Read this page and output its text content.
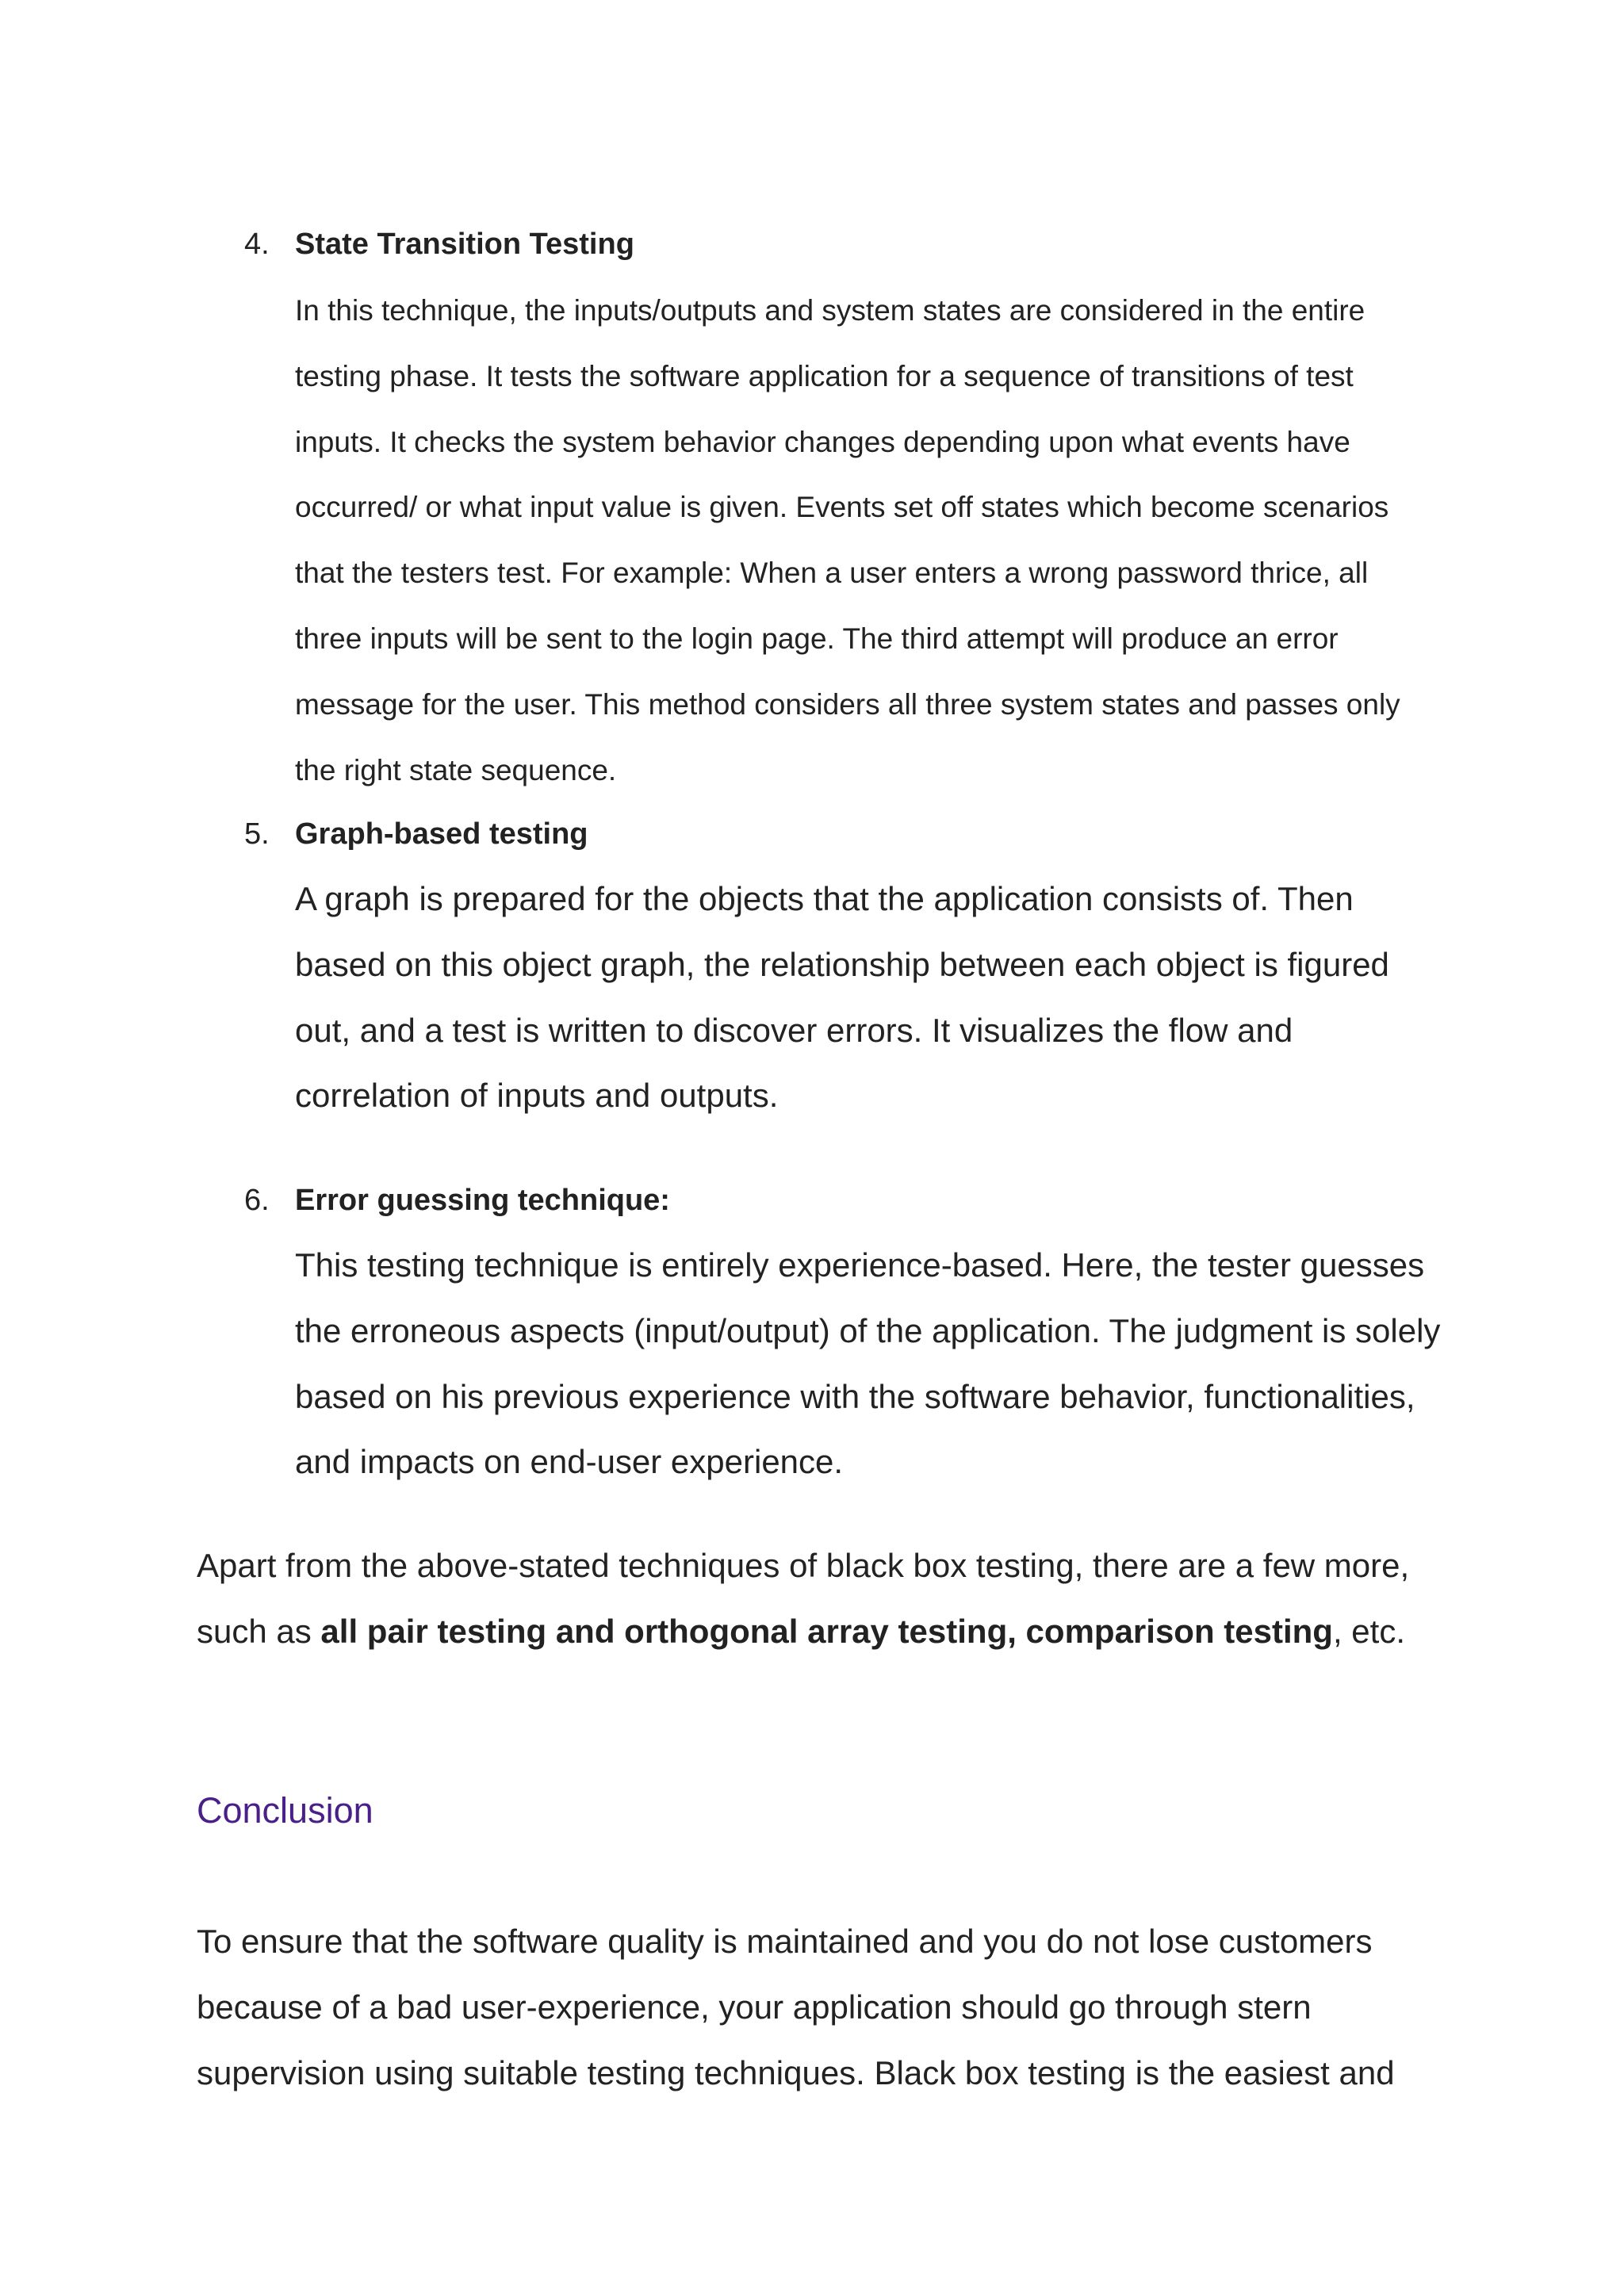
4. State Transition Testing

In this technique, the inputs/outputs and system states are considered in the entire

testing phase. It tests the software application for a sequence of transitions of test

inputs. It checks the system behavior changes depending upon what events have

occurred/ or what input value is given. Events set off states which become scenarios

that the testers test. For example: When a user enters a wrong password thrice, all

three inputs will be sent to the login page. The third attempt will produce an error

message for the user. This method considers all three system states and passes only

the right state sequence.

5. Graph-based testing

A graph is prepared for the objects that the application consists of. Then

based on this object graph, the relationship between each object is figured

out, and a test is written to discover errors. It visualizes the flow and

correlation of inputs and outputs.

6. Error guessing technique:

This testing technique is entirely experience-based. Here, the tester guesses

the erroneous aspects (input/output) of the application. The judgment is solely

based on his previous experience with the software behavior, functionalities,

and impacts on end-user experience.

Apart from the above-stated techniques of black box testing, there are a few more,

such as all pair testing and orthogonal array testing, comparison testing, etc.

Conclusion

To ensure that the software quality is maintained and you do not lose customers

because of a bad user-experience, your application should go through stern

supervision using suitable testing techniques. Black box testing is the easiest and
